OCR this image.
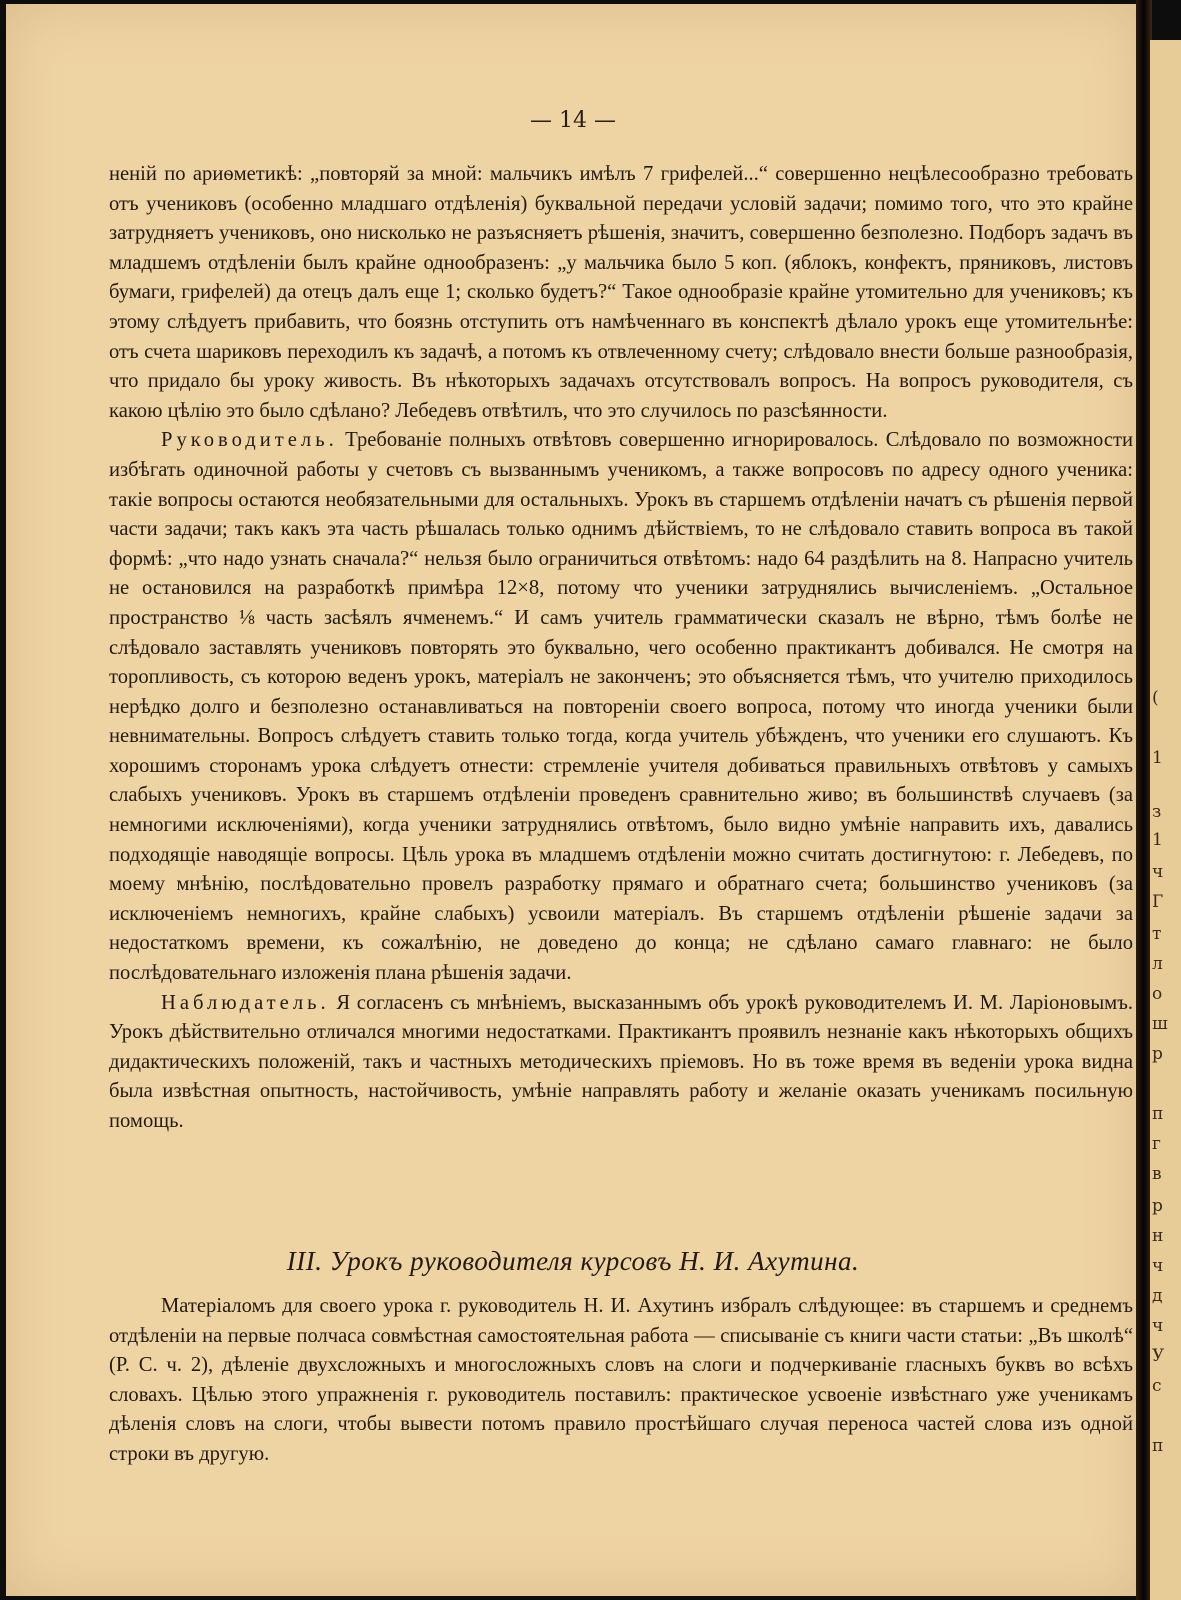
— 14 —

неній по ариѳметикѣ: „повторяй за мной: мальчикъ имѣлъ 7 грифелей...“ совершенно нецѣлесообразно требовать отъ учениковъ (особенно младшаго отдѣленія) буквальной передачи условій задачи; помимо того, что это крайне затрудняетъ учениковъ, оно нисколько не разъясняетъ рѣшенія, значитъ, совершенно безполезно. Подборъ задачъ въ младшемъ отдѣленіи былъ крайне однообразенъ: „у мальчика было 5 коп. (яблокъ, конфектъ, пряниковъ, листовъ бумаги, грифелей) да отецъ далъ еще 1; сколько будетъ?“ Такое однообразіе крайне утомительно для учениковъ; къ этому слѣдуетъ прибавить, что боязнь отступить отъ намѣченнаго въ конспектѣ дѣлало урокъ еще утомительнѣе: отъ счета шариковъ переходилъ къ задачѣ, а потомъ къ отвлеченному счету; слѣдовало внести больше разнообразія, что придало бы уроку живость. Въ нѣкоторыхъ задачахъ отсутствовалъ вопросъ. На вопросъ руководителя, съ какою цѣлію это было сдѣлано? Лебедевъ отвѣтилъ, что это случилось по разсѣянности.

Руководитель. Требованіе полныхъ отвѣтовъ совершенно игнорировалось. Слѣдовало по возможности избѣгать одиночной работы у счетовъ съ вызваннымъ ученикомъ, а также вопросовъ по адресу одного ученика: такіе вопросы остаются необязательными для остальныхъ. Урокъ въ старшемъ отдѣленіи начатъ съ рѣшенія первой части задачи; такъ какъ эта часть рѣшалась только однимъ дѣйствіемъ, то не слѣдовало ставить вопроса въ такой формѣ: „что надо узнать сначала?“ нельзя было ограничиться отвѣтомъ: надо 64 раздѣлить на 8. Напрасно учитель не остановился на разработкѣ примѣра 12×8, потому что ученики затруднялись вычисленіемъ. „Остальное пространство ⅛ часть засѣялъ ячменемъ.“ И самъ учитель грамматически сказалъ не вѣрно, тѣмъ болѣе не слѣдовало заставлять учениковъ повторять это буквально, чего особенно практикантъ добивался. Не смотря на торопливость, съ которою веденъ урокъ, матеріалъ не законченъ; это объясняется тѣмъ, что учителю приходилось нерѣдко долго и безполезно останавливаться на повтореніи своего вопроса, потому что иногда ученики были невнимательны. Вопросъ слѣдуетъ ставить только тогда, когда учитель убѣжденъ, что ученики его слушаютъ. Къ хорошимъ сторонамъ урока слѣдуетъ отнести: стремленіе учителя добиваться правильныхъ отвѣтовъ у самыхъ слабыхъ учениковъ. Урокъ въ старшемъ отдѣленіи проведенъ сравнительно живо; въ большинствѣ случаевъ (за немногими исключеніями), когда ученики затруднялись отвѣтомъ, было видно умѣніе направить ихъ, давались подходящіе наводящіе вопросы. Цѣль урока въ младшемъ отдѣленіи можно считать достигнутою: г. Лебедевъ, по моему мнѣнію, послѣдовательно провелъ разработку прямаго и обратнаго счета; большинство учениковъ (за исключеніемъ немногихъ, крайне слабыхъ) усвоили матеріалъ. Въ старшемъ отдѣленіи рѣшеніе задачи за недостаткомъ времени, къ сожалѣнію, не доведено до конца; не сдѣлано самаго главнаго: не было послѣдовательнаго изложенія плана рѣшенія задачи.

Наблюдатель. Я согласенъ съ мнѣніемъ, высказаннымъ объ урокѣ руководителемъ И. М. Ларіоновымъ. Урокъ дѣйствительно отличался многими недостатками. Практикантъ проявилъ незнаніе какъ нѣкоторыхъ общихъ дидактическихъ положеній, такъ и частныхъ методическихъ пріемовъ. Но въ тоже время въ веденіи урока видна была извѣстная опытность, настойчивость, умѣніе направлять работу и желаніе оказать ученикамъ посильную помощь.

III. Урокъ руководителя курсовъ Н. И. Ахутина.

Матеріаломъ для своего урока г. руководитель Н. И. Ахутинъ избралъ слѣдующее: въ старшемъ и среднемъ отдѣленіи на первые полчаса совмѣстная самостоятельная работа — списываніе съ книги части статьи: „Въ школѣ“ (Р. С. ч. 2), дѣленіе двухсложныхъ и многосложныхъ словъ на слоги и подчеркиваніе гласныхъ буквъ во всѣхъ словахъ. Цѣлью этого упражненія г. руководитель поставилъ: практическое усвоеніе извѣстнаго уже ученикамъ дѣленія словъ на слоги, чтобы вывести потомъ правило простѣйшаго случая переноса частей слова изъ одной строки въ другую.

(
1
з
1
ч
Г
т
л
о
ш
р
п
г
в
р
н
ч
д
ч
У
с
п
